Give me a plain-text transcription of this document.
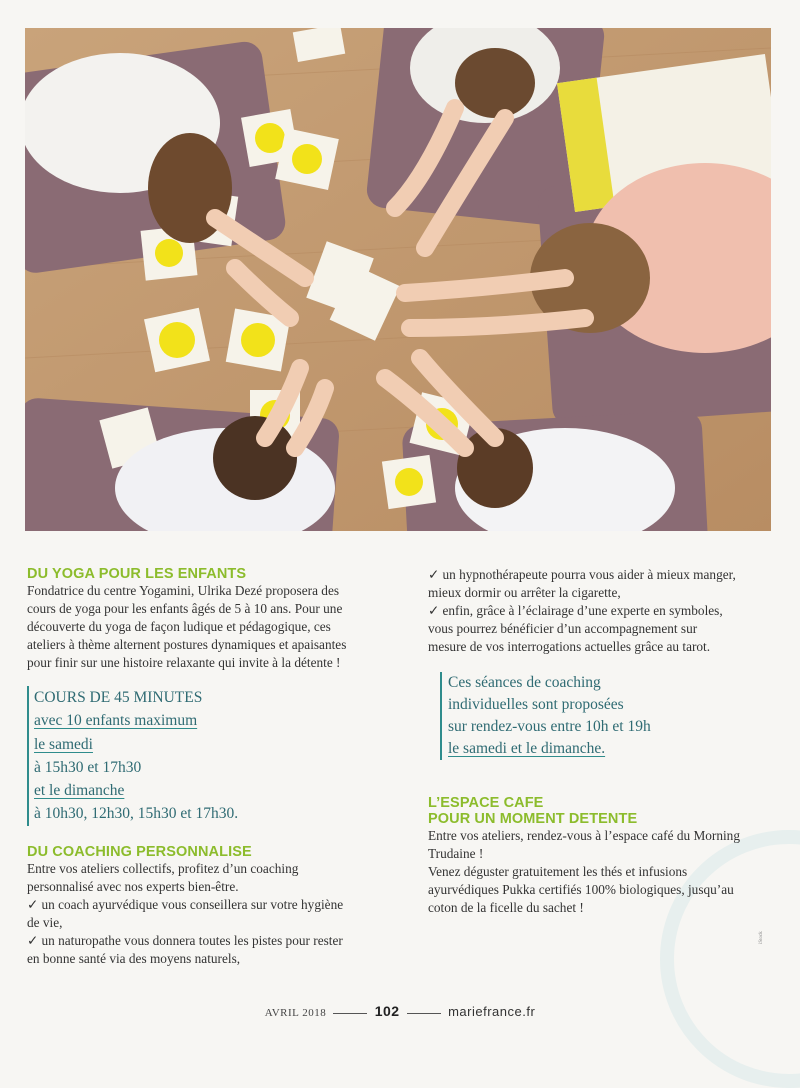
DU YOGA POUR LES ENFANTS

Fondatrice du centre Yogamini, Ulrika Dezé proposera des
cours de yoga pour les enfants âgés de 5 à 10 ans. Pour une
découverte du yoga de façon ludique et pédagogique, ces
ateliers à thème alternent postures dynamiques et apaisantes
pour finir sur une histoire relaxante qui invite à la détente !

COURS DE 45 MINUTES
avec 10 enfants maximum
le samedi
à 15h30 et 17h30
et le dimanche
à 10h30, 12h30, 15h30 et 17h30.
DU COACHING PERSONNALISE

Entre vos ateliers collectifs, profitez d’un coaching
personnalisé avec nos experts bien-être.
✓ un coach ayurvédique vous conseillera sur votre hygiène
de vie,
✓ un naturopathe vous donnera toutes les pistes pour rester
en bonne santé via des moyens naturels,

✓ un hypnothérapeute pourra vous aider à mieux manger,
mieux dormir ou arrêter la cigarette,
✓ enfin, grâce à l’éclairage d’une experte en symboles,
vous pourrez bénéficier d’un accompagnement sur
mesure de vos interrogations actuelles grâce au tarot.

Ces séances de coaching
individuelles sont proposées
sur rendez-vous entre 10h et 19h
le samedi et le dimanche.
L’ESPACE CAFE
POUR UN MOMENT DETENTE

Entre vos ateliers, rendez-vous à l’espace café du Morning
Trudaine !
Venez déguster gratuitement les thés et infusions
ayurvédiques Pukka certifiés 100% biologiques, jusqu’au
coton de la ficelle du sachet !

iStock
AVRIL 2018	102	mariefrance.fr
